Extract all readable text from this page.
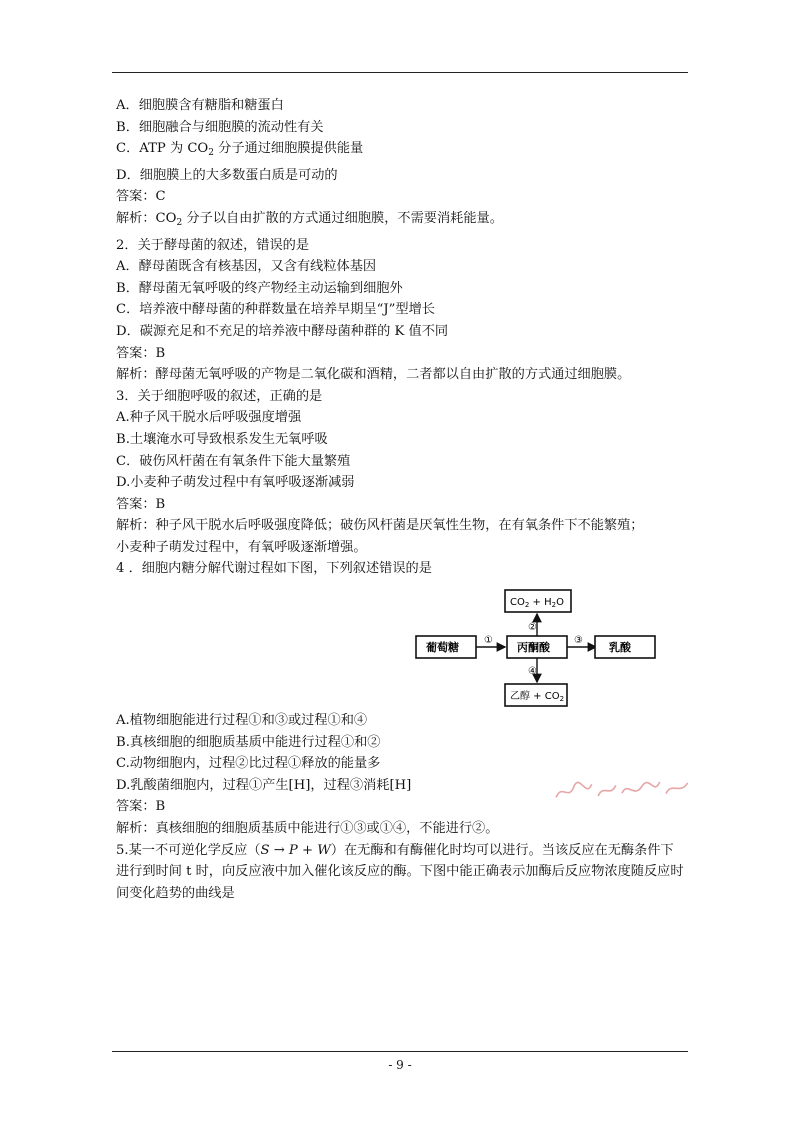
A．细胞膜含有糖脂和糖蛋白
B．细胞融合与细胞膜的流动性有关
C．ATP 为 $CO_2$ 分子通过细胞膜提供能量
D．细胞膜上的大多数蛋白质是可动的
答案：C
解析：$CO_2$ 分子以自由扩散的方式通过细胞膜，不需要消耗能量。
2．关于酵母菌的叙述，错误的是
A．酵母菌既含有核基因，又含有线粒体基因
B．酵母菌无氧呼吸的终产物经主动运输到细胞外
C．培养液中酵母菌的种群数量在培养早期呈“J”型增长
D．碳源充足和不充足的培养液中酵母菌种群的 K 值不同
答案：B
解析：酵母菌无氧呼吸的产物是二氧化碳和酒精，二者都以自由扩散的方式通过细胞膜。
3．关于细胞呼吸的叙述，正确的是
A.种子风干脱水后呼吸强度增强
B.土壤淹水可导致根系发生无氧呼吸
C．破伤风杆菌在有氧条件下能大量繁殖
D.小麦种子萌发过程中有氧呼吸逐渐减弱
答案：B
解析：种子风干脱水后呼吸强度降低；破伤风杆菌是厌氧性生物，在有氧条件下不能繁殖；
小麦种子萌发过程中，有氧呼吸逐渐增强。
4 ．细胞内糖分解代谢过程如下图，下列叙述错误的是
$CO_2 + H_2O$
葡萄糖	丙酮酸
乙醇 + $CO_2$
①
②
③
④
乳酸
A.植物细胞能进行过程①和③或过程①和④
B.真核细胞的细胞质基质中能进行过程①和②
C.动物细胞内，过程②比过程①释放的能量多
D.乳酸菌细胞内，过程①产生[H]，过程③消耗[H]
答案：B
解析：真核细胞的细胞质基质中能进行①③或①④，不能进行②。
5.某一不可逆化学反应（S → P + W）在无酶和有酶催化时均可以进行。当该反应在无酶条件下进行到时间 t 时，向反应液中加入催化该反应的酶。下图中能正确表示加酶后反应物浓度随反应时间变化趋势的曲线是
- 9 -
